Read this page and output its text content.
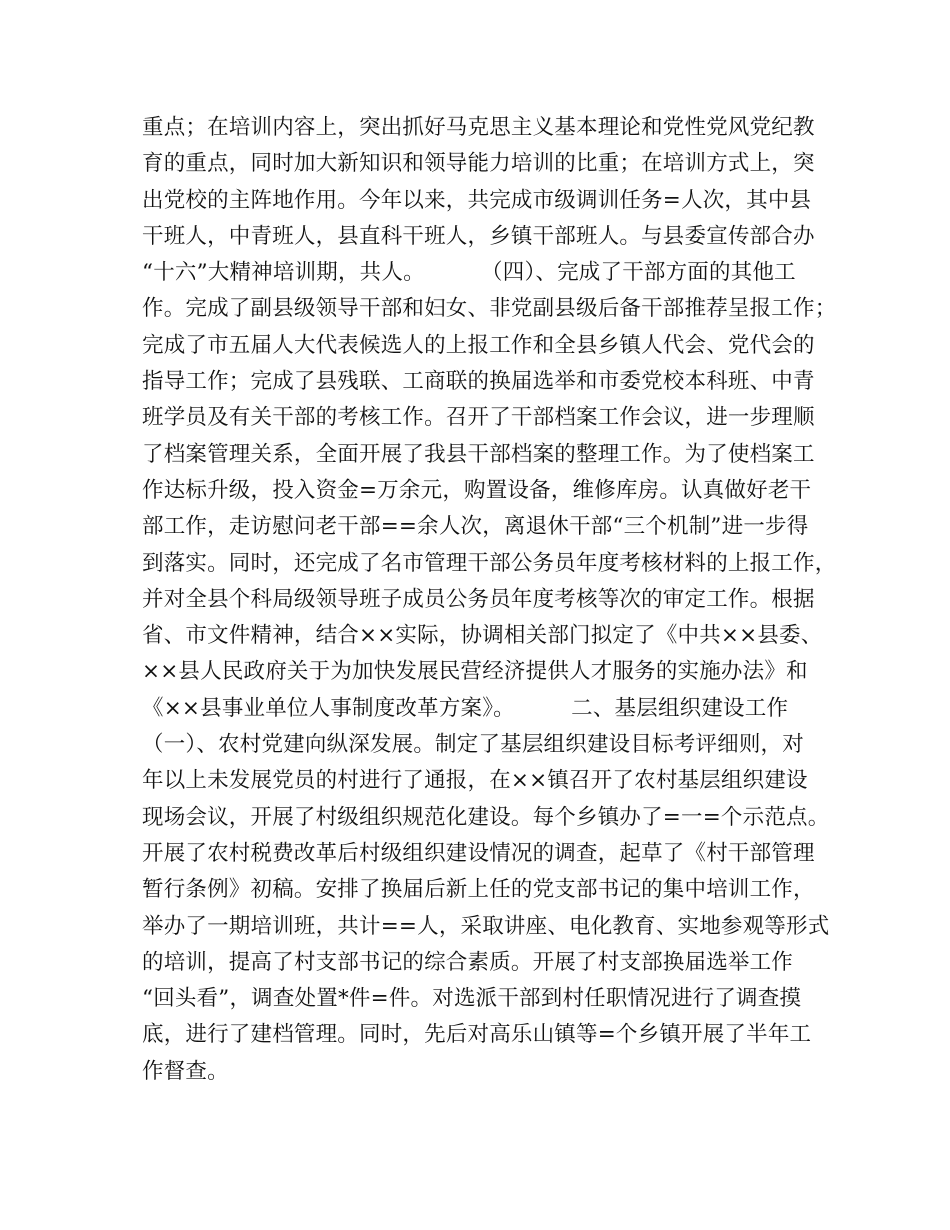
重点；在培训内容上，突出抓好马克思主义基本理论和党性党风党纪教
育的重点，同时加大新知识和领导能力培训的比重；在培训方式上，突
出党校的主阵地作用。今年以来，共完成市级调训任务=人次，其中县
干班人，中青班人，县直科干班人，乡镇干部班人。与县委宣传部合办
“十六”大精神培训期，共人。        （四）、完成了干部方面的其他工
作。完成了副县级领导干部和妇女、非党副县级后备干部推荐呈报工作；
完成了市五届人大代表候选人的上报工作和全县乡镇人代会、党代会的
指导工作；完成了县残联、工商联的换届选举和市委党校本科班、中青
班学员及有关干部的考核工作。召开了干部档案工作会议，进一步理顺
了档案管理关系，全面开展了我县干部档案的整理工作。为了使档案工
作达标升级，投入资金=万余元，购置设备，维修库房。认真做好老干
部工作，走访慰问老干部==余人次，离退休干部“三个机制”进一步得
到落实。同时，还完成了名市管理干部公务员年度考核材料的上报工作，
并对全县个科局级领导班子成员公务员年度考核等次的审定工作。根据
省、市文件精神，结合××实际，协调相关部门拟定了《中共××县委、
××县人民政府关于为加快发展民营经济提供人才服务的实施办法》和
《××县事业单位人事制度改革方案》。        二、基层组织建设工作
（一）、农村党建向纵深发展。制定了基层组织建设目标考评细则，对
年以上未发展党员的村进行了通报，在××镇召开了农村基层组织建设
现场会议，开展了村级组织规范化建设。每个乡镇办了=一=个示范点。
开展了农村税费改革后村级组织建设情况的调查，起草了《村干部管理
暂行条例》初稿。安排了换届后新上任的党支部书记的集中培训工作，
举办了一期培训班，共计==人，采取讲座、电化教育、实地参观等形式
的培训，提高了村支部书记的综合素质。开展了村支部换届选举工作
“回头看”，调查处置*件=件。对选派干部到村任职情况进行了调查摸
底，进行了建档管理。同时，先后对高乐山镇等=个乡镇开展了半年工
作督查。
